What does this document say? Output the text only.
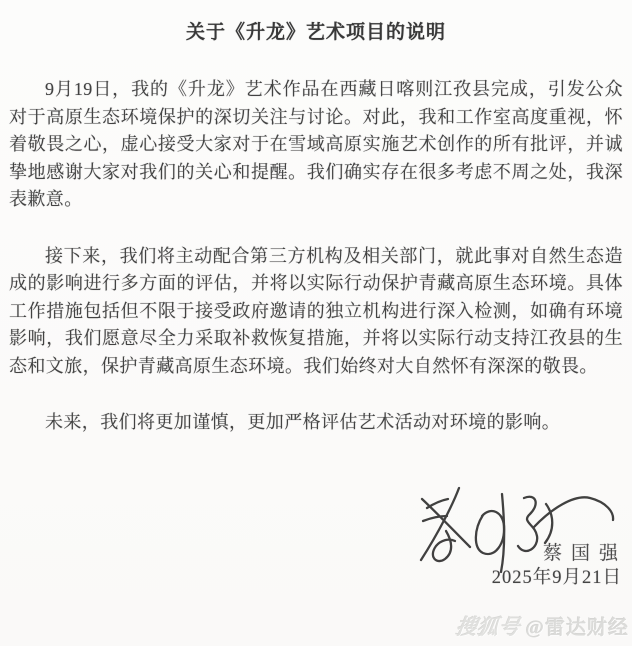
关于《升龙》艺术项目的说明

9月19日，我的《升龙》艺术作品在西藏日喀则江孜县完成，引发公众对于高原生态环境保护的深切关注与讨论。对此，我和工作室高度重视，怀着敬畏之心，虚心接受大家对于在雪域高原实施艺术创作的所有批评，并诚挚地感谢大家对我们的关心和提醒。我们确实存在很多考虑不周之处，我深表歉意。

接下来，我们将主动配合第三方机构及相关部门，就此事对自然生态造成的影响进行多方面的评估，并将以实际行动保护青藏高原生态环境。具体工作措施包括但不限于接受政府邀请的独立机构进行深入检测，如确有环境影响，我们愿意尽全力采取补救恢复措施，并将以实际行动支持江孜县的生态和文旅，保护青藏高原生态环境。我们始终对大自然怀有深深的敬畏。

未来，我们将更加谨慎，更加严格评估艺术活动对环境的影响。

蔡国强
2025年9月21日
搜狐号 @雷达财经
